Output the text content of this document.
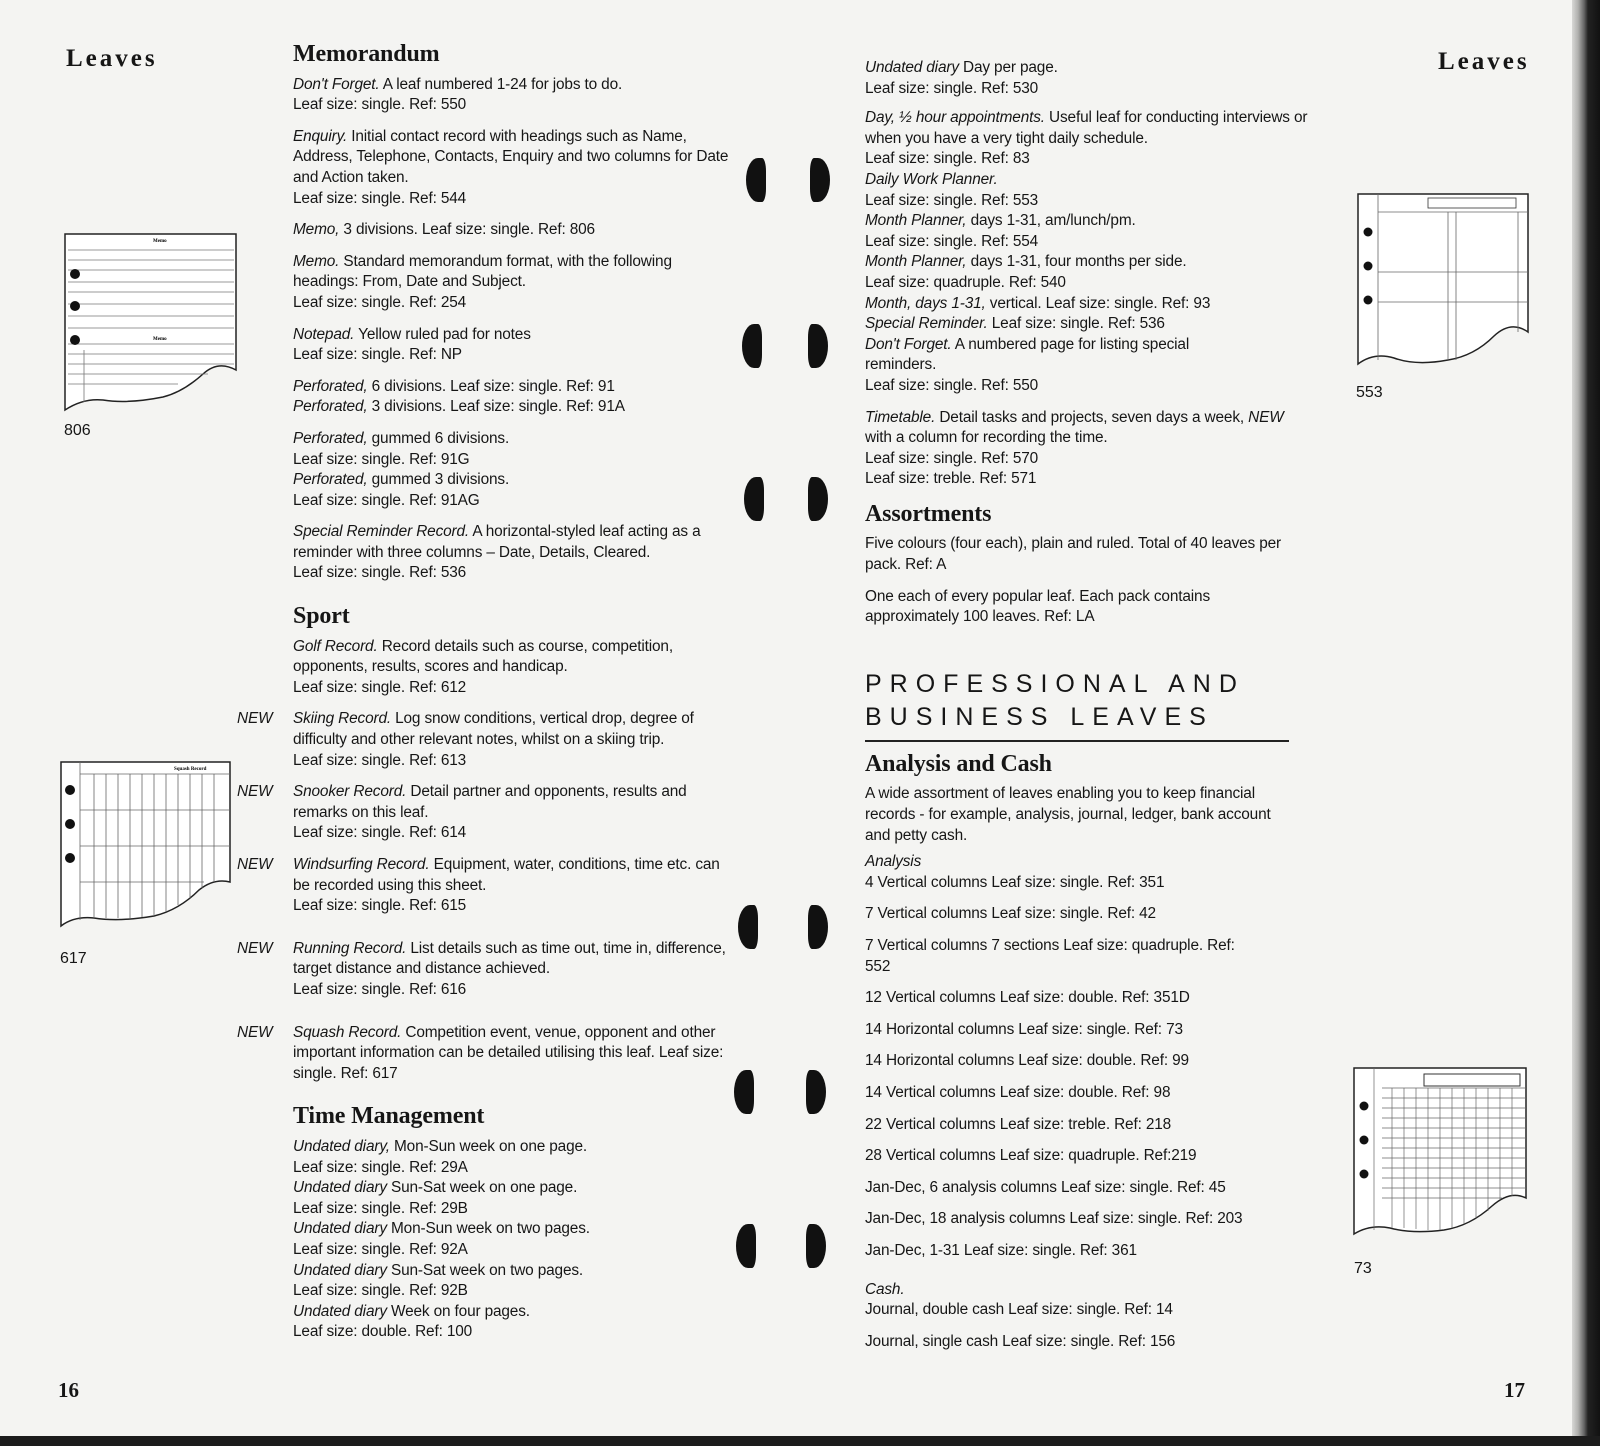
Leaves	Leaves
16	17
Memo
Memo
806
Squash Record
617
Memorandum

Don't Forget. A leaf numbered 1-24 for jobs to do.
Leaf size: single. Ref: 550

Enquiry. Initial contact record with headings such as Name, Address, Telephone, Contacts, Enquiry and two columns for Date and Action taken.
Leaf size: single. Ref: 544

Memo, 3 divisions. Leaf size: single. Ref: 806

Memo. Standard memorandum format, with the following headings: From, Date and Subject.
Leaf size: single. Ref: 254

Notepad. Yellow ruled pad for notes
Leaf size: single. Ref: NP

Perforated, 6 divisions. Leaf size: single. Ref: 91
Perforated, 3 divisions. Leaf size: single. Ref: 91A

Perforated, gummed 6 divisions.
Leaf size: single. Ref: 91G
Perforated, gummed 3 divisions.
Leaf size: single. Ref: 91AG

Special Reminder Record. A horizontal-styled leaf acting as a reminder with three columns – Date, Details, Cleared.
Leaf size: single. Ref: 536

Sport

Golf Record. Record details such as course, competition, opponents, results, scores and handicap.
Leaf size: single. Ref: 612

NEW Skiing Record. Log snow conditions, vertical drop, degree of difficulty and other relevant notes, whilst on a skiing trip.
Leaf size: single. Ref: 613

NEW Snooker Record. Detail partner and opponents, results and remarks on this leaf.
Leaf size: single. Ref: 614

NEW Windsurfing Record. Equipment, water, conditions, time etc. can be recorded using this sheet.
Leaf size: single. Ref: 615

NEW Running Record. List details such as time out, time in, difference, target distance and distance achieved.
Leaf size: single. Ref: 616

NEW Squash Record. Competition event, venue, opponent and other important information can be detailed utilising this leaf. Leaf size: single. Ref: 617

Time Management

Undated diary, Mon-Sun week on one page.
Leaf size: single. Ref: 29A

Undated diary Sun-Sat week on one page.
Leaf size: single. Ref: 29B

Undated diary Mon-Sun week on two pages.
Leaf size: single. Ref: 92A

Undated diary Sun-Sat week on two pages.
Leaf size: single. Ref: 92B

Undated diary Week on four pages.
Leaf size: double. Ref: 100

Undated diary Day per page.
Leaf size: single. Ref: 530

Day, ½ hour appointments. Useful leaf for conducting interviews or when you have a very tight daily schedule.
Leaf size: single. Ref: 83

Daily Work Planner.
Leaf size: single. Ref: 553

Month Planner, days 1-31, am/lunch/pm.
Leaf size: single. Ref: 554

Month Planner, days 1-31, four months per side.
Leaf size: quadruple. Ref: 540

Month, days 1-31, vertical. Leaf size: single. Ref: 93

Special Reminder. Leaf size: single. Ref: 536

Don't Forget. A numbered page for listing special reminders.
Leaf size: single. Ref: 550

Timetable. Detail tasks and projects, seven days a week, NEW
with a column for recording the time.
Leaf size: single. Ref: 570
Leaf size: treble. Ref: 571

Assortments

Five colours (four each), plain and ruled. Total of 40 leaves per pack. Ref: A

One each of every popular leaf. Each pack contains approximately 100 leaves. Ref: LA

PROFESSIONAL AND
BUSINESS LEAVES
Analysis and Cash

A wide assortment of leaves enabling you to keep financial records - for example, analysis, journal, ledger, bank account and petty cash.

Analysis

4 Vertical columns Leaf size: single. Ref: 351

7 Vertical columns Leaf size: single. Ref: 42

7 Vertical columns 7 sections Leaf size: quadruple. Ref: 552

12 Vertical columns Leaf size: double. Ref: 351D

14 Horizontal columns Leaf size: single. Ref: 73

14 Horizontal columns Leaf size: double. Ref: 99

14 Vertical columns Leaf size: double. Ref: 98

22 Vertical columns Leaf size: treble. Ref: 218

28 Vertical columns Leaf size: quadruple. Ref:219

Jan-Dec, 6 analysis columns Leaf size: single. Ref: 45

Jan-Dec, 18 analysis columns Leaf size: single. Ref: 203

Jan-Dec, 1-31 Leaf size: single. Ref: 361

Cash.

Journal, double cash Leaf size: single. Ref: 14

Journal, single cash Leaf size: single. Ref: 156

553
73
